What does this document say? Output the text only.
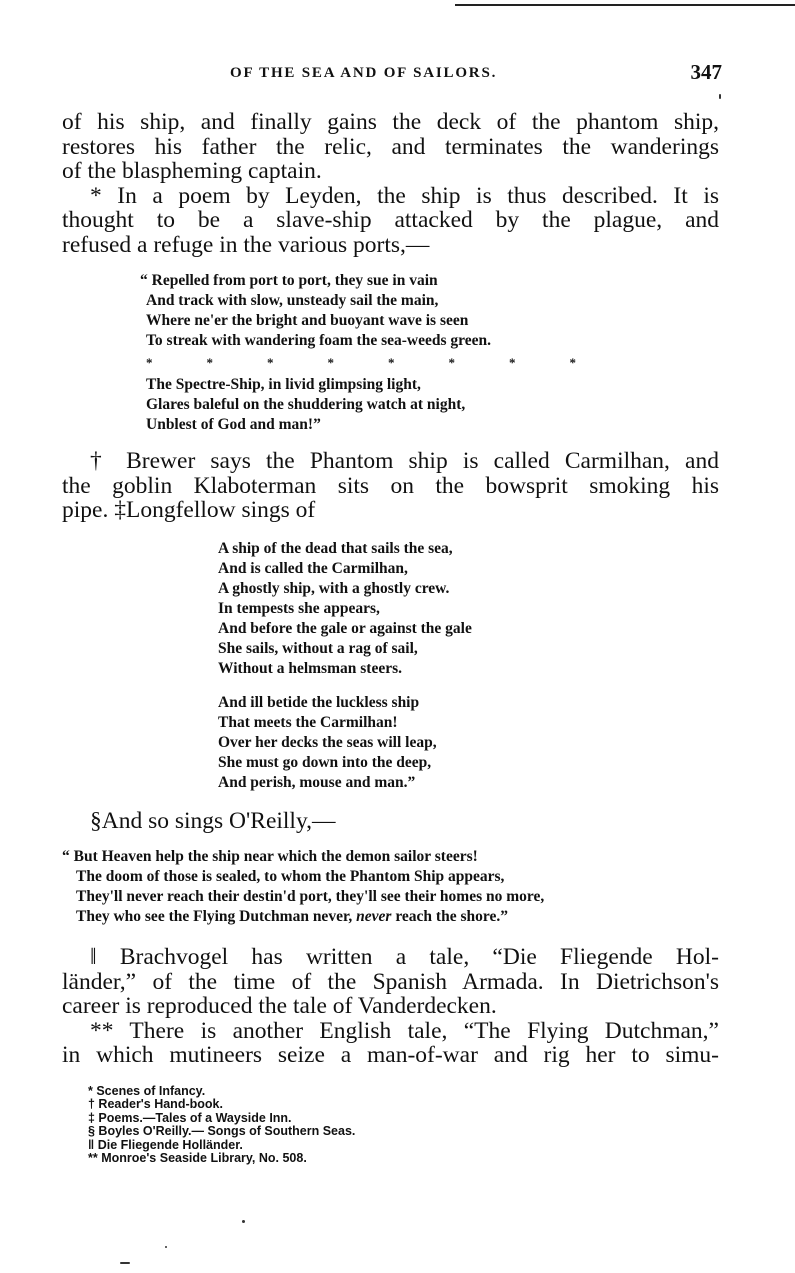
OF THE SEA AND OF SAILORS.	347

of his ship, and finally gains the deck of the phantom ship,
restores his father the relic, and terminates the wanderings
of the blaspheming captain.

* In a poem by Leyden, the ship is thus described. It is
thought to be a slave-ship attacked by the plague, and
refused a refuge in the various ports,—

“ Repelled from port to port, they sue in vain
And track with slow, unsteady sail the main,
Where ne'er the bright and buoyant wave is seen
To streak with wandering foam the sea-weeds green.
*	*	*	*	*	*	*	*
The Spectre-Ship, in livid glimpsing light,
Glares baleful on the shuddering watch at night,
Unblest of God and man!”

† Brewer says the Phantom ship is called Carmilhan, and
the goblin Klaboterman sits on the bowsprit smoking his
pipe. ‡Longfellow sings of

A ship of the dead that sails the sea,
And is called the Carmilhan,
A ghostly ship, with a ghostly crew.
In tempests she appears,
And before the gale or against the gale
She sails, without a rag of sail,
Without a helmsman steers.
And ill betide the luckless ship
That meets the Carmilhan!
Over her decks the seas will leap,
She must go down into the deep,
And perish, mouse and man.”

§And so sings O'Reilly,—

“ But Heaven help the ship near which the demon sailor steers!
The doom of those is sealed, to whom the Phantom Ship appears,
They'll never reach their destin'd port, they'll see their homes no more,
They who see the Flying Dutchman never, never reach the shore.”

‖ Brachvogel has written a tale, “Die Fliegende Hol-
länder,” of the time of the Spanish Armada. In Dietrichson's
career is reproduced the tale of Vanderdecken.

** There is another English tale, “The Flying Dutchman,”
in which mutineers seize a man-of-war and rig her to simu-

* Scenes of Infancy.
† Reader's Hand-book.
‡ Poems.—Tales of a Wayside Inn.
§ Boyles O'Reilly.— Songs of Southern Seas.
‖ Die Fliegende Holländer.
** Monroe's Seaside Library, No. 508.
